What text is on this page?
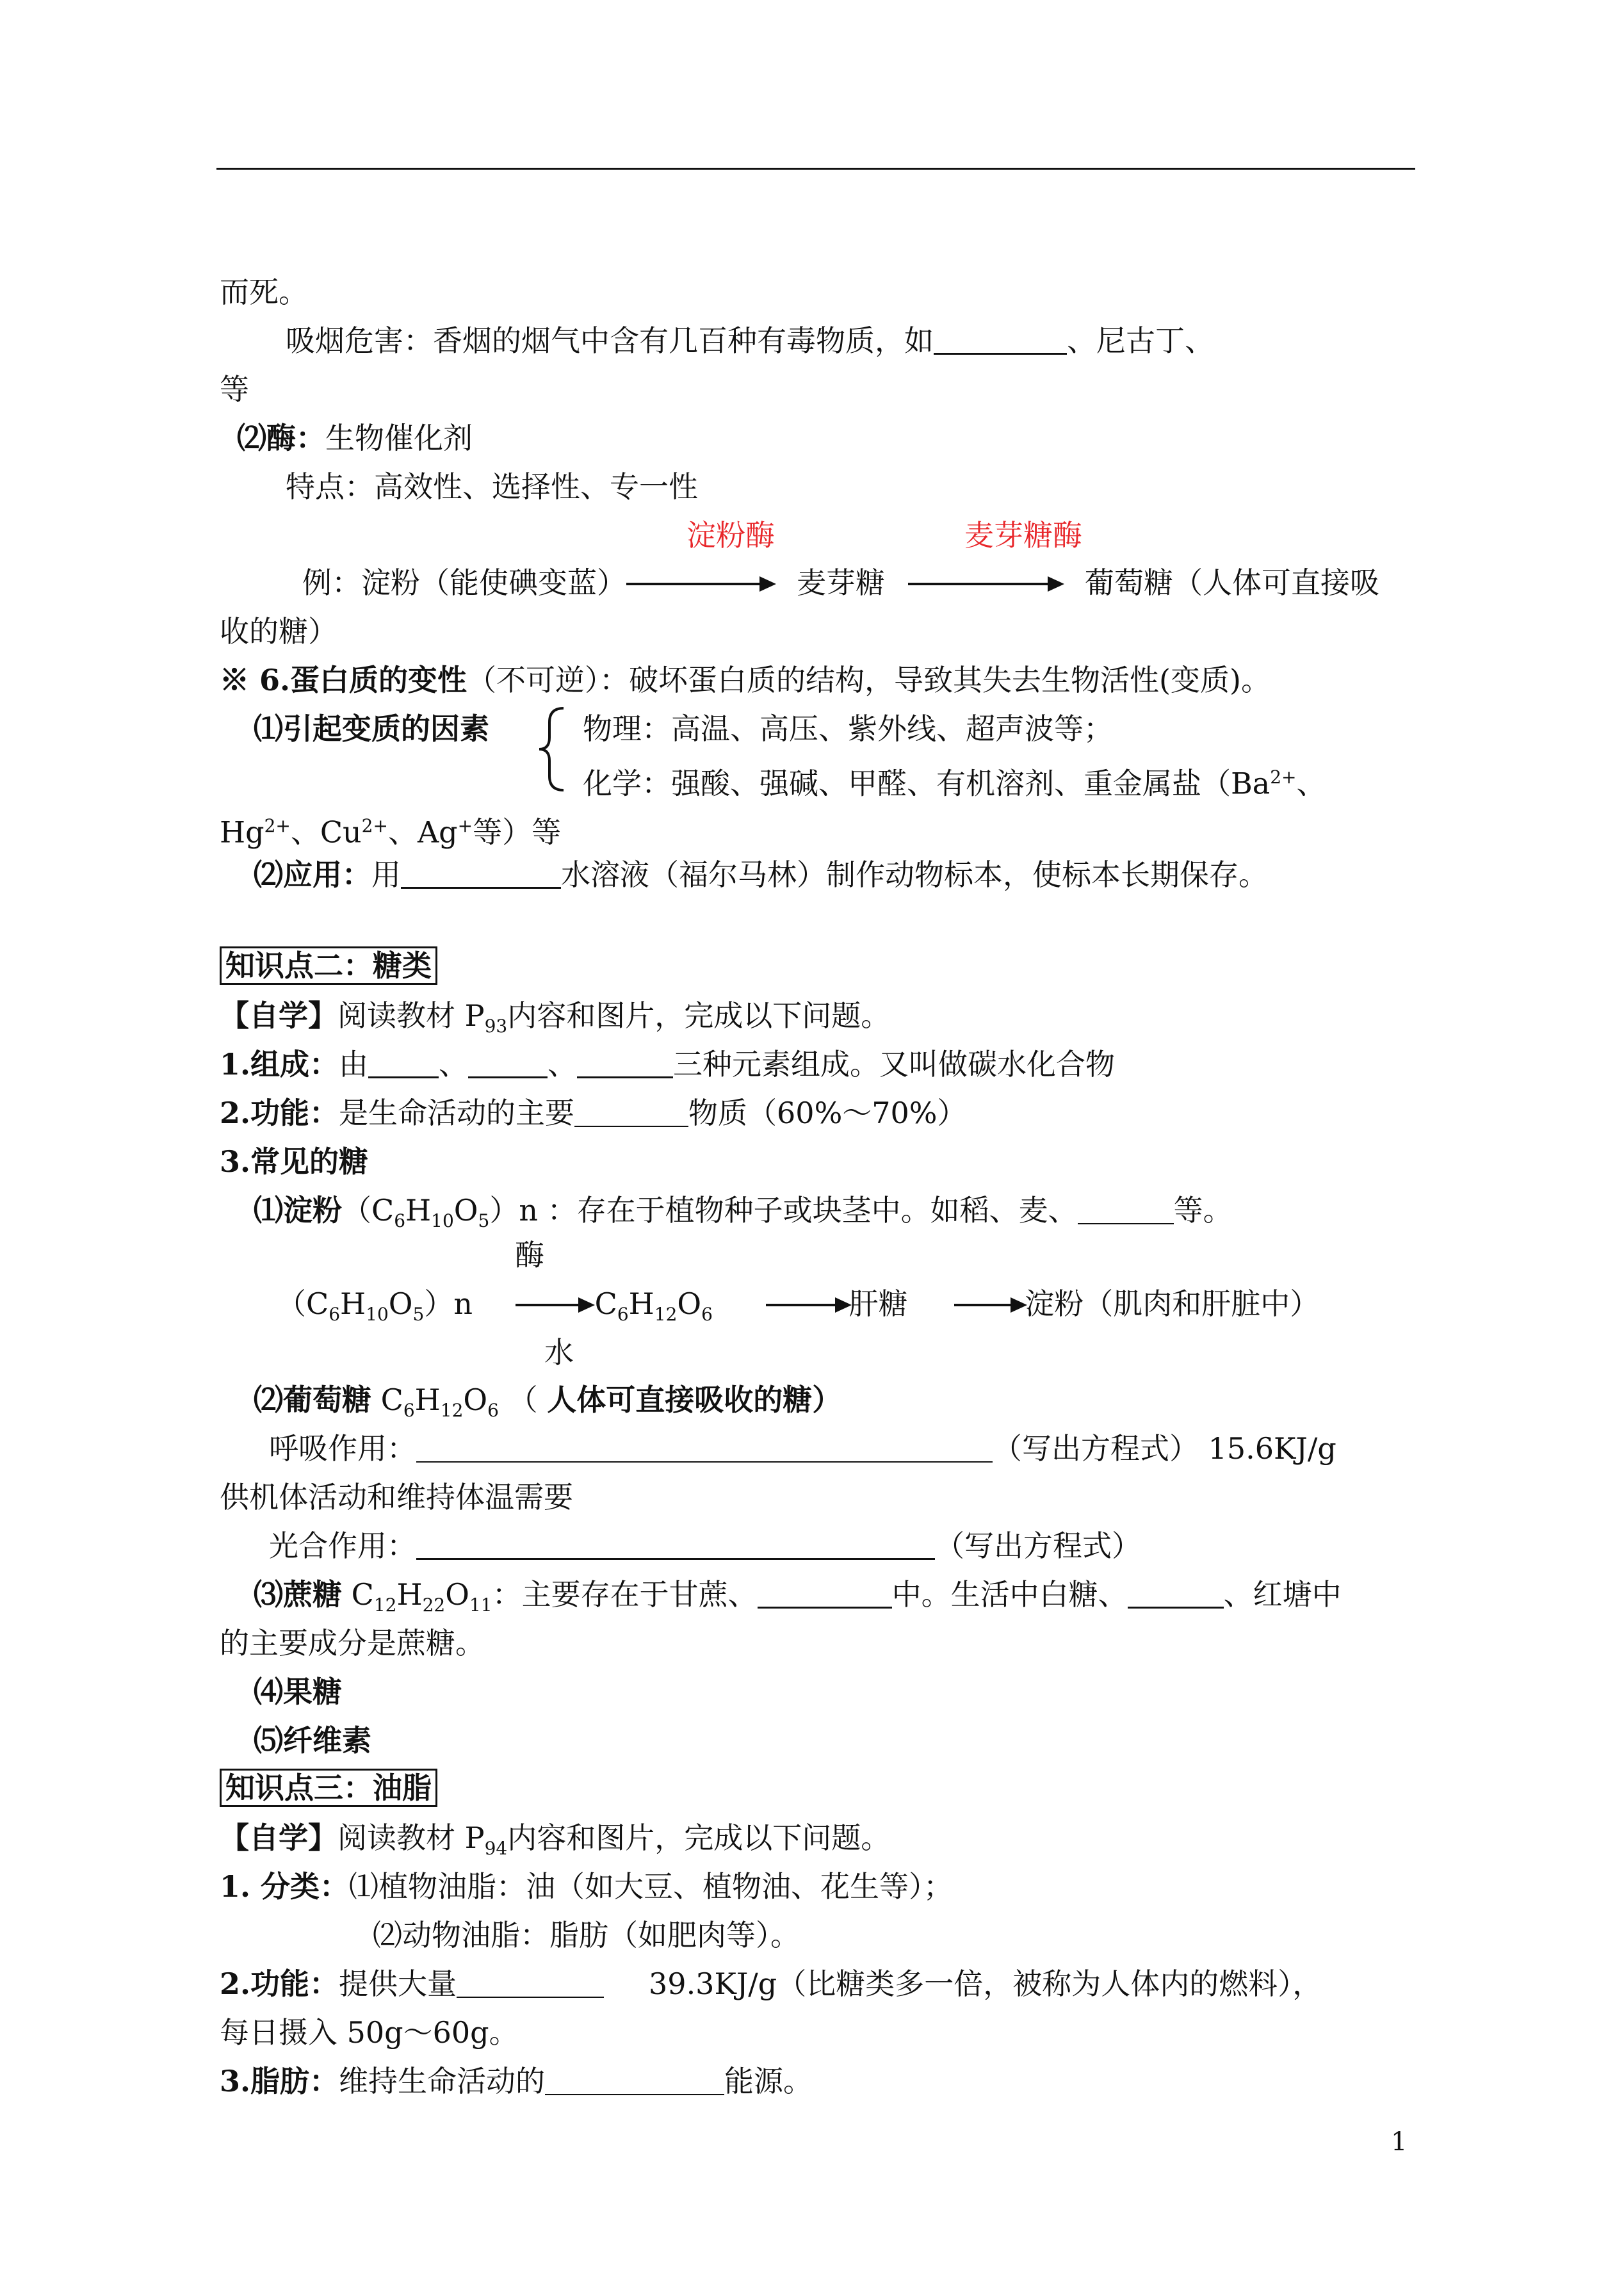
而死。
吸烟危害：香烟的烟气中含有几百种有毒物质，如	、尼古丁、
等
⑵酶：生物催化剂
特点：高效性、选择性、专一性
淀粉酶	麦芽糖酶
例：淀粉（能使碘变蓝）	麦芽糖	葡萄糖（人体可直接吸
收的糖）
※ 6.蛋白质的变性（不可逆）：破坏蛋白质的结构，导致其失去生物活性(变质)。
⑴引起变质的因素	物理：高温、高压、紫外线、超声波等；
化学：强酸、强碱、甲醛、有机溶剂、重金属盐（$Ba^{2+}$、
$Hg^{2+}$、$Cu^{2+}$、Ag+等）等
⑵应用：用	水溶液（福尔马林）制作动物标本，使标本长期保存。
知识点二：糖类
【自学】阅读教材 $P_{93}$内容和图片，完成以下问题。
1.组成：由 、	、	三种元素组成。又叫做碳水化合物
2.功能：是生命活动的主要	物质（60%～70%）
3.常见的糖
⑴淀粉$(C_6H_{10}O_5)n$ ：存在于植物种子或块茎中。如稻、麦、	等。
酶
$(C_6H_{10}O_5)n$	$C_6H_{12}O_6$	肝糖	淀粉（肌肉和肝脏中）
水
⑵葡萄糖 $C_6H_{12}O_6$ （ 人体可直接吸收的糖）
呼吸作用：	（写出方程式） 15.6KJ/g
供机体活动和维持体温需要
光合作用：	（写出方程式）
⑶蔗糖 $C_{12}H_{22}O_{11}$：主要存在于甘蔗、	中。生活中白糖、	、红塘中
的主要成分是蔗糖。
⑷果糖
⑸纤维素
知识点三：油脂
【自学】阅读教材 $P_{94}$内容和图片，完成以下问题。
1. 分类：⑴植物油脂：油（如大豆、植物油、花生等）；
⑵动物油脂：脂肪（如肥肉等）。
2.功能：提供大量	39.3KJ/g（比糖类多一倍，被称为人体内的燃料），
每日摄入 50g～60g。
3.脂肪：维持生命活动的	能源。
1
